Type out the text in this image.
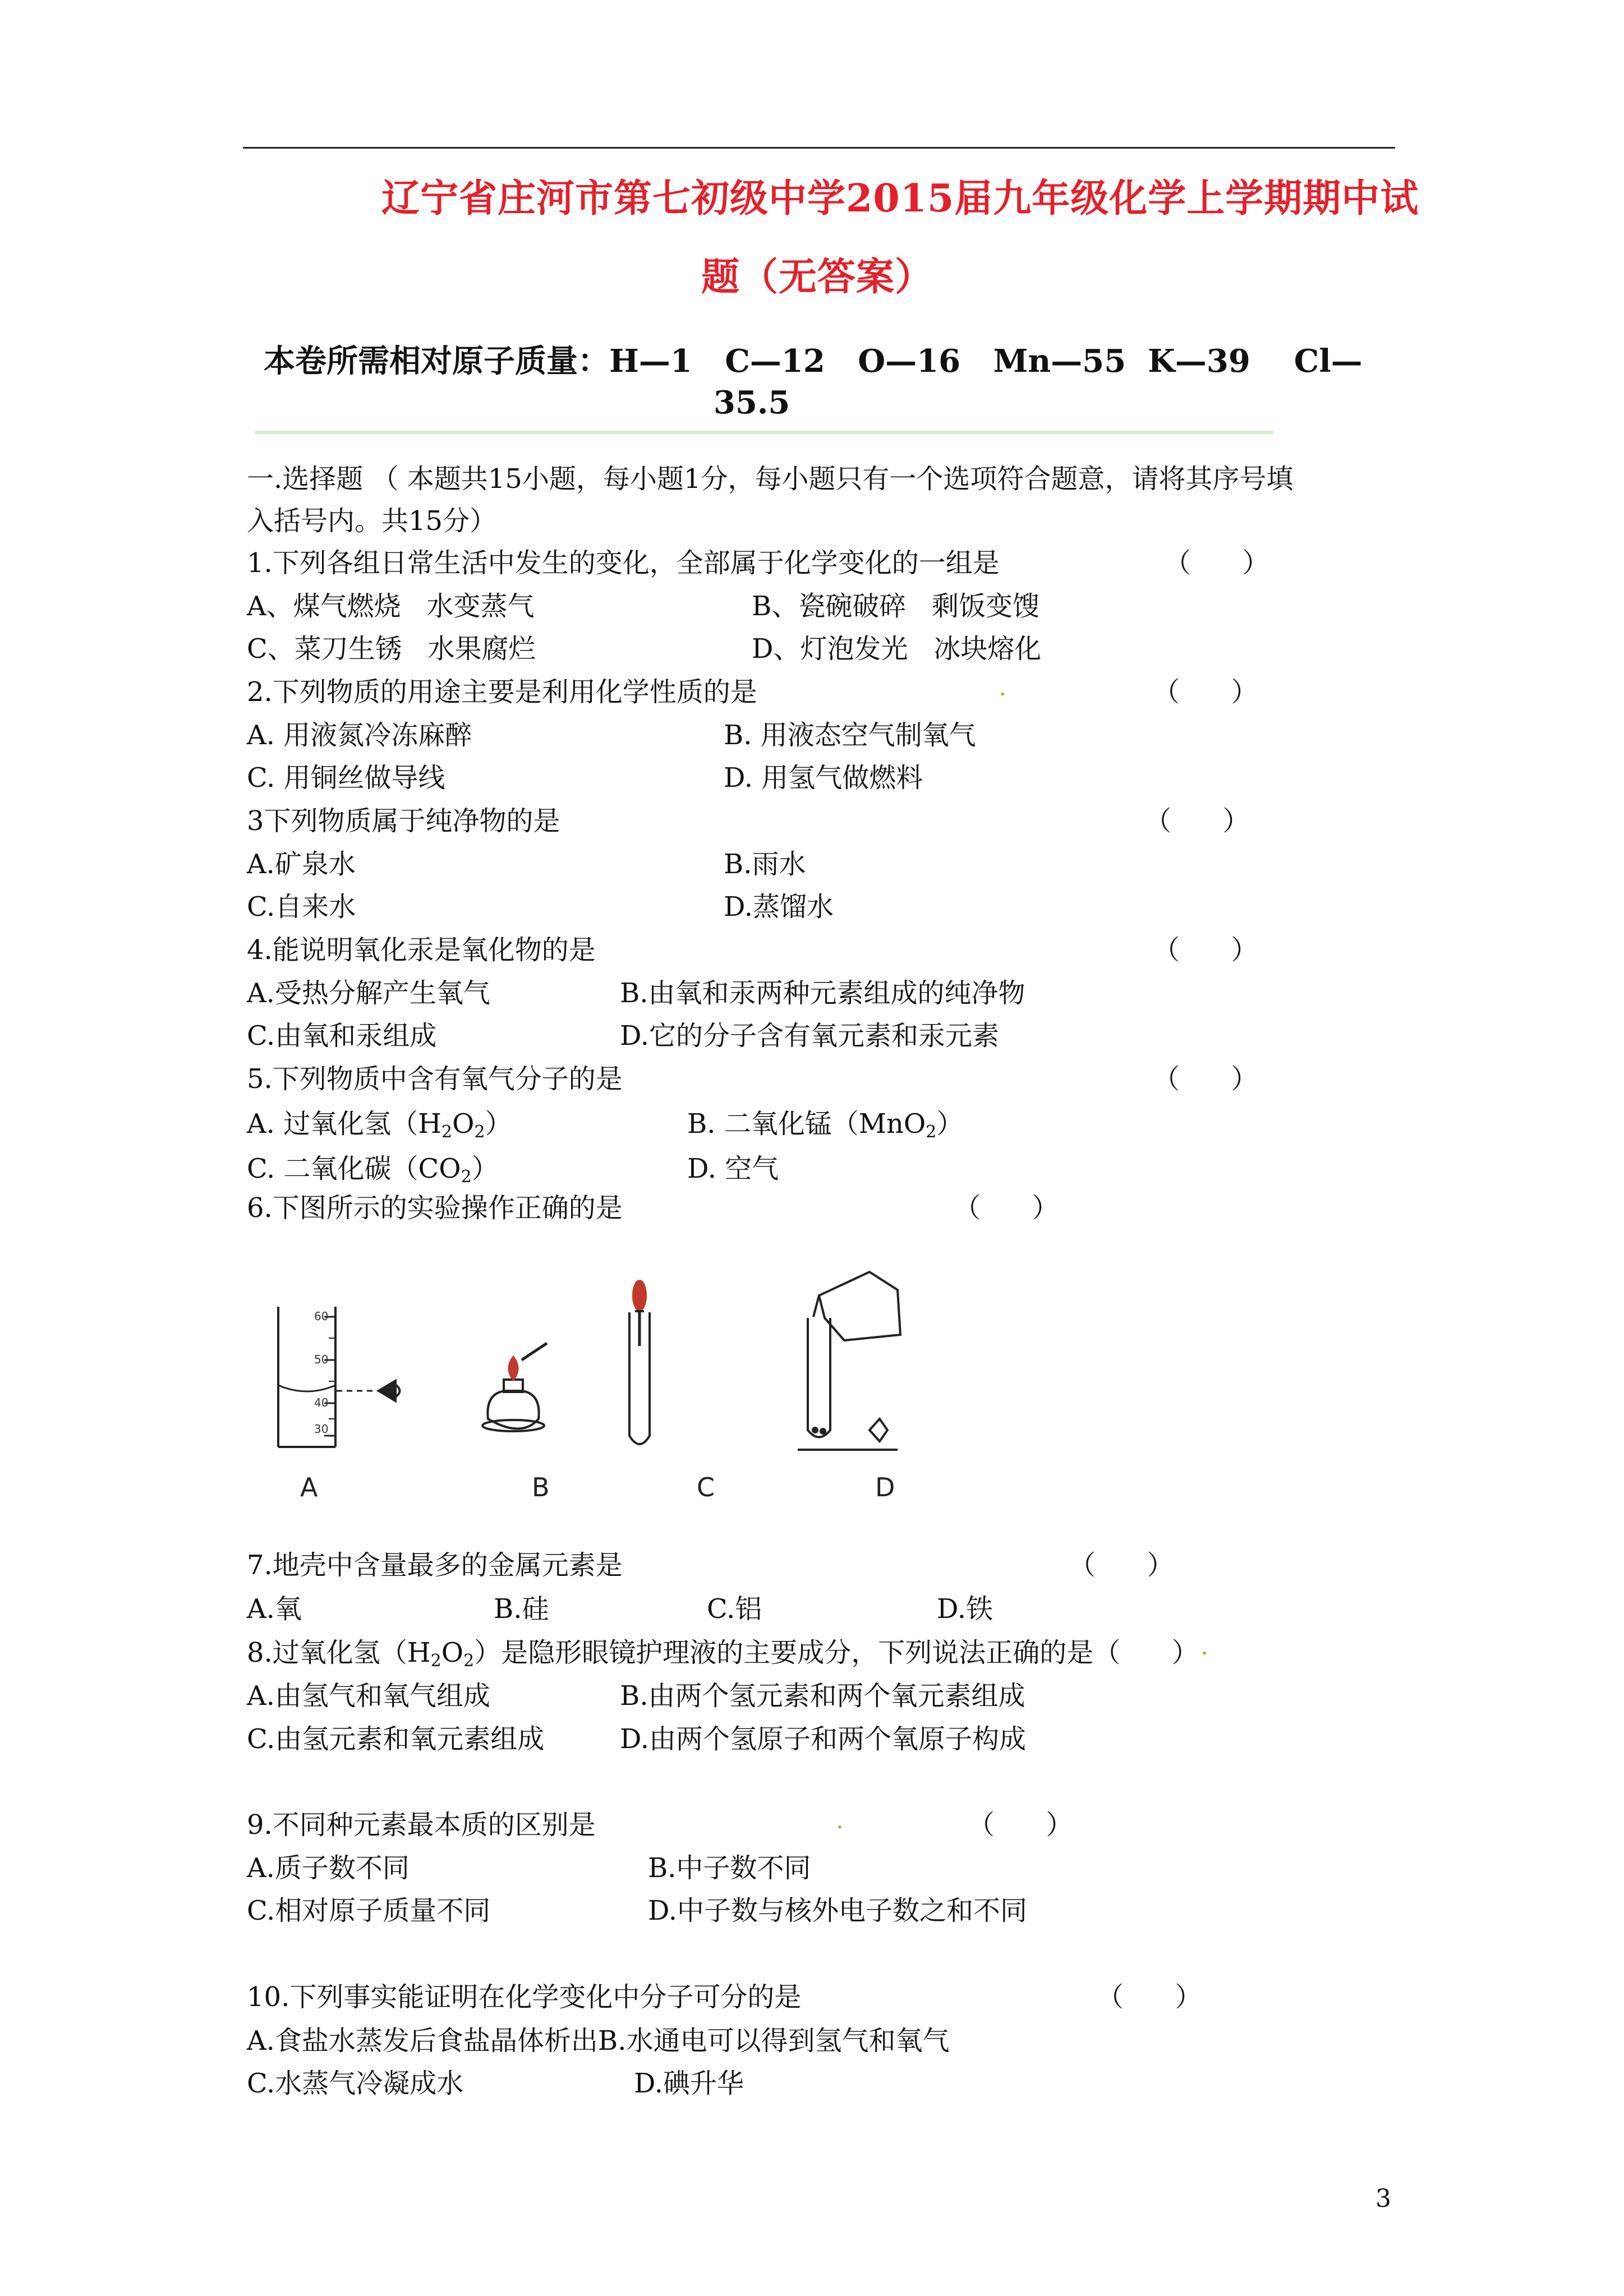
辽宁省庄河市第七初级中学2015届九年级化学上学期期中试
题（无答案）
本卷所需相对原子质量：H—1   C—12   O—16   Mn—55  K—39    Cl—
35.5
一.选择题 （ 本题共15小题，每小题1分，每小题只有一个选项符合题意，请将其序号填
入括号内。共15分）
1.下列各组日常生活中发生的变化，全部属于化学变化的一组是	（      ）
A、煤气燃烧   水变蒸气	B、瓷碗破碎   剩饭变馊
C、菜刀生锈   水果腐烂	D、灯泡发光   冰块熔化
2.下列物质的用途主要是利用化学性质的是	.	（      ）
A. 用液氮冷冻麻醉	B. 用液态空气制氧气
C. 用铜丝做导线	D. 用氢气做燃料
3下列物质属于纯净物的是	（      ）
A.矿泉水	B.雨水
C.自来水	D.蒸馏水
4.能说明氧化汞是氧化物的是	（      ）
A.受热分解产生氧气	B.由氧和汞两种元素组成的纯净物
C.由氧和汞组成	D.它的分子含有氧元素和汞元素
5.下列物质中含有氧气分子的是	（      ）
A. 过氧化氢$(H_2O_2)$	B. 二氧化锰（MnO$_2$）
C. 二氧化碳$(CO_2)$	D. 空气
6.下图所示的实验操作正确的是	（      ）
60
50
40
30
A	B	C	D
7.地壳中含量最多的金属元素是	（      ）
A.氧	B.硅	C.铝	D.铁
8.过氧化氢$(H_2O_2)$是隐形眼镜护理液的主要成分，下列说法正确的是（      ） .
A.由氢气和氧气组成	B.由两个氢元素和两个氧元素组成
C.由氢元素和氧元素组成	D.由两个氢原子和两个氧原子构成
9.不同种元素最本质的区别是	.	（      ）
A.质子数不同	B.中子数不同
C.相对原子质量不同	D.中子数与核外电子数之和不同
10.下列事实能证明在化学变化中分子可分的是	（      ）
A.食盐水蒸发后食盐晶体析出B.水通电可以得到氢气和氧气
C.水蒸气冷凝成水	D.碘升华
3
